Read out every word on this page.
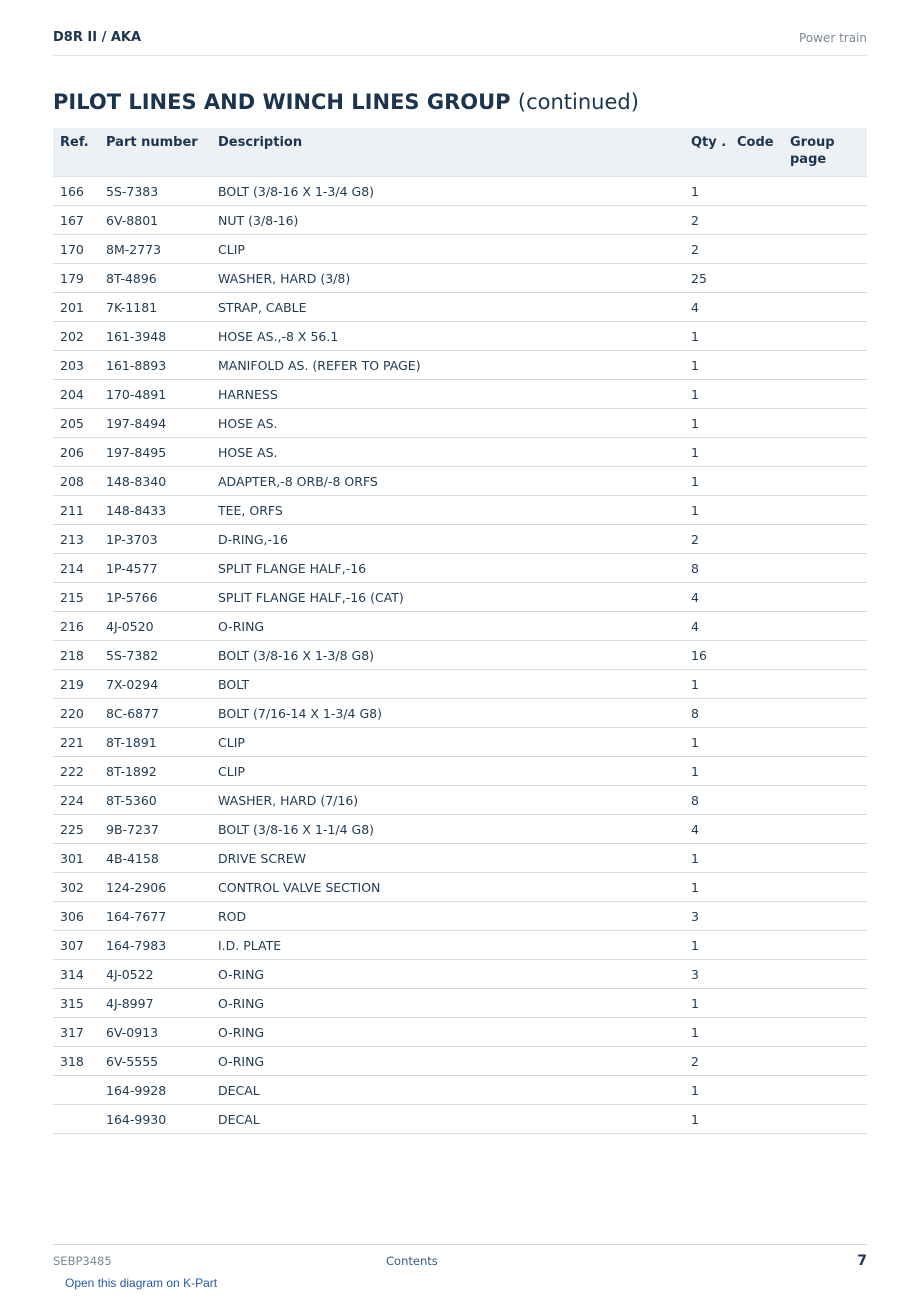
D8R II / AKA	Power train
PILOT LINES AND WINCH LINES GROUP (continued)
Ref.	Part number	Description	Qty .	Code	Group page
166	5S-7383	BOLT (3/8-16 X 1-3/4 G8)	1		
167	6V-8801	NUT (3/8-16)	2		
170	8M-2773	CLIP	2		
179	8T-4896	WASHER, HARD (3/8)	25		
201	7K-1181	STRAP, CABLE	4		
202	161-3948	HOSE AS.,-8 X 56.1	1		
203	161-8893	MANIFOLD AS. (REFER TO PAGE)	1		
204	170-4891	HARNESS	1		
205	197-8494	HOSE AS.	1		
206	197-8495	HOSE AS.	1		
208	148-8340	ADAPTER,-8 ORB/-8 ORFS	1		
211	148-8433	TEE, ORFS	1		
213	1P-3703	D-RING,-16	2		
214	1P-4577	SPLIT FLANGE HALF,-16	8		
215	1P-5766	SPLIT FLANGE HALF,-16 (CAT)	4		
216	4J-0520	O-RING	4		
218	5S-7382	BOLT (3/8-16 X 1-3/8 G8)	16		
219	7X-0294	BOLT	1		
220	8C-6877	BOLT (7/16-14 X 1-3/4 G8)	8		
221	8T-1891	CLIP	1		
222	8T-1892	CLIP	1		
224	8T-5360	WASHER, HARD (7/16)	8		
225	9B-7237	BOLT (3/8-16 X 1-1/4 G8)	4		
301	4B-4158	DRIVE SCREW	1		
302	124-2906	CONTROL VALVE SECTION	1		
306	164-7677	ROD	3		
307	164-7983	I.D. PLATE	1		
314	4J-0522	O-RING	3		
315	4J-8997	O-RING	1		
317	6V-0913	O-RING	1		
318	6V-5555	O-RING	2		
	164-9928	DECAL	1		
	164-9930	DECAL	1		
SEBP3485	Contents	7
Open this diagram on K-Part
